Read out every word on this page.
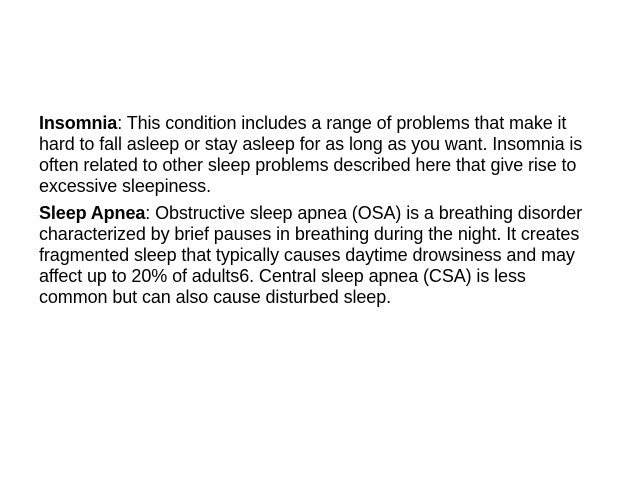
Insomnia: This condition includes a range of problems that make it hard to fall asleep or stay asleep for as long as you want. Insomnia is often related to other sleep problems described here that give rise to excessive sleepiness.

Sleep Apnea: Obstructive sleep apnea (OSA) is a breathing disorder characterized by brief pauses in breathing during the night. It creates fragmented sleep that typically causes daytime drowsiness and may affect up to 20% of adults6. Central sleep apnea (CSA) is less common but can also cause disturbed sleep.
